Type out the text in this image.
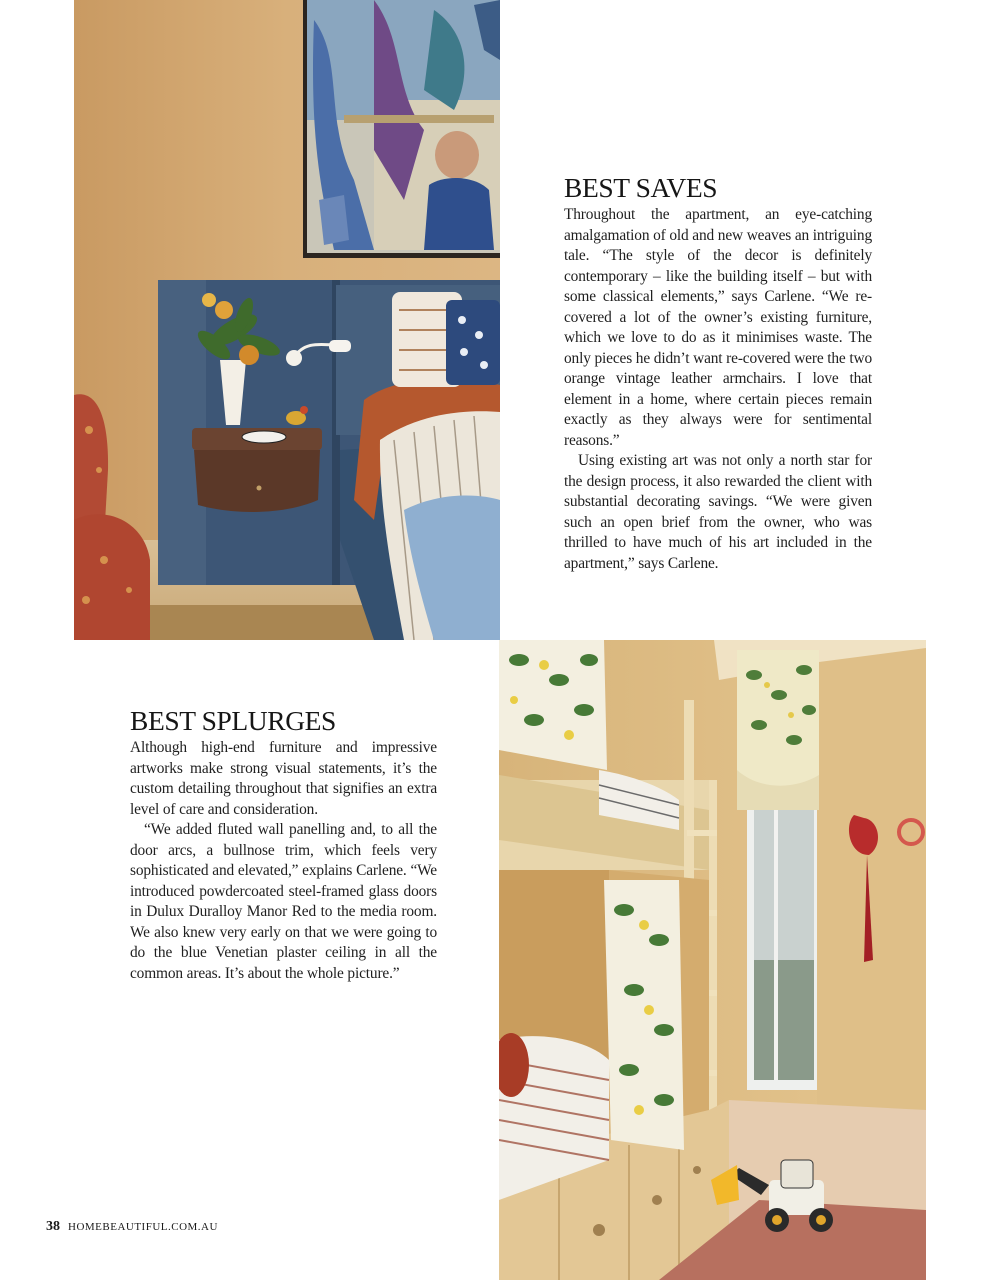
BEST SAVES

Throughout the apartment, an eye-catching amalgamation of old and new weaves an intriguing tale. “The style of the decor is definitely contemporary – like the building itself – but with some classical elements,” says Carlene. “We re-covered a lot of the owner’s existing furniture, which we love to do as it minimises waste. The only pieces he didn’t want re-covered were the two orange vintage leather armchairs. I love that element in a home, where certain pieces remain exactly as they always were for sentimental reasons.”

Using existing art was not only a north star for the design process, it also rewarded the client with substantial decorating savings. “We were given such an open brief from the owner, who was thrilled to have much of his art included in the apartment,” says Carlene.

BEST SPLURGES

Although high-end furniture and impressive artworks make strong visual statements, it’s the custom detailing throughout that signifies an extra level of care and consideration.

“We added fluted wall panelling and, to all the door arcs, a bullnose trim, which feels very sophisticated and elevated,” explains Carlene. “We introduced powdercoated steel-framed glass doors in Dulux Duralloy Manor Red to the media room. We also knew very early on that we were going to do the blue Venetian plaster ceiling in all the common areas. It’s about the whole picture.”

38 HOMEBEAUTIFUL.COM.AU
